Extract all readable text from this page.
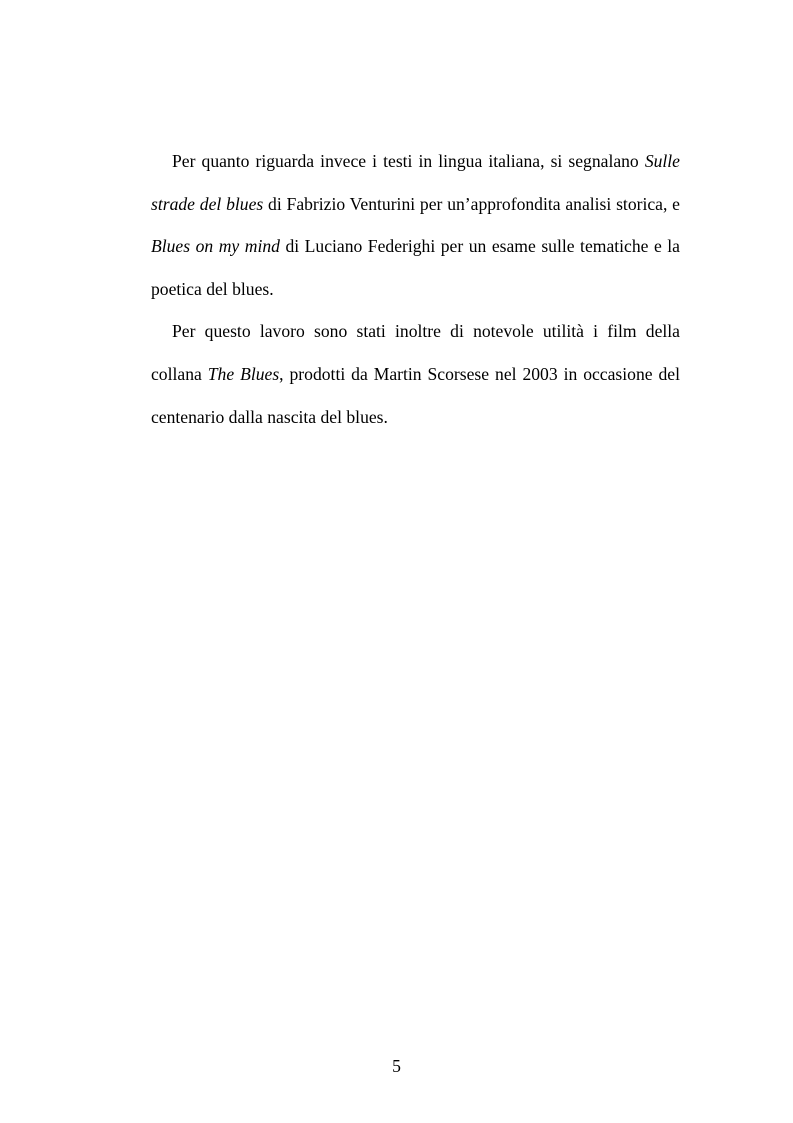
Per quanto riguarda invece i testi in lingua italiana, si segnalano Sulle strade del blues di Fabrizio Venturini per un’approfondita analisi storica, e Blues on my mind di Luciano Federighi per un esame sulle tematiche e la poetica del blues.

Per questo lavoro sono stati inoltre di notevole utilità i film della collana The Blues, prodotti da Martin Scorsese nel 2003 in occasione del centenario dalla nascita del blues.

5
